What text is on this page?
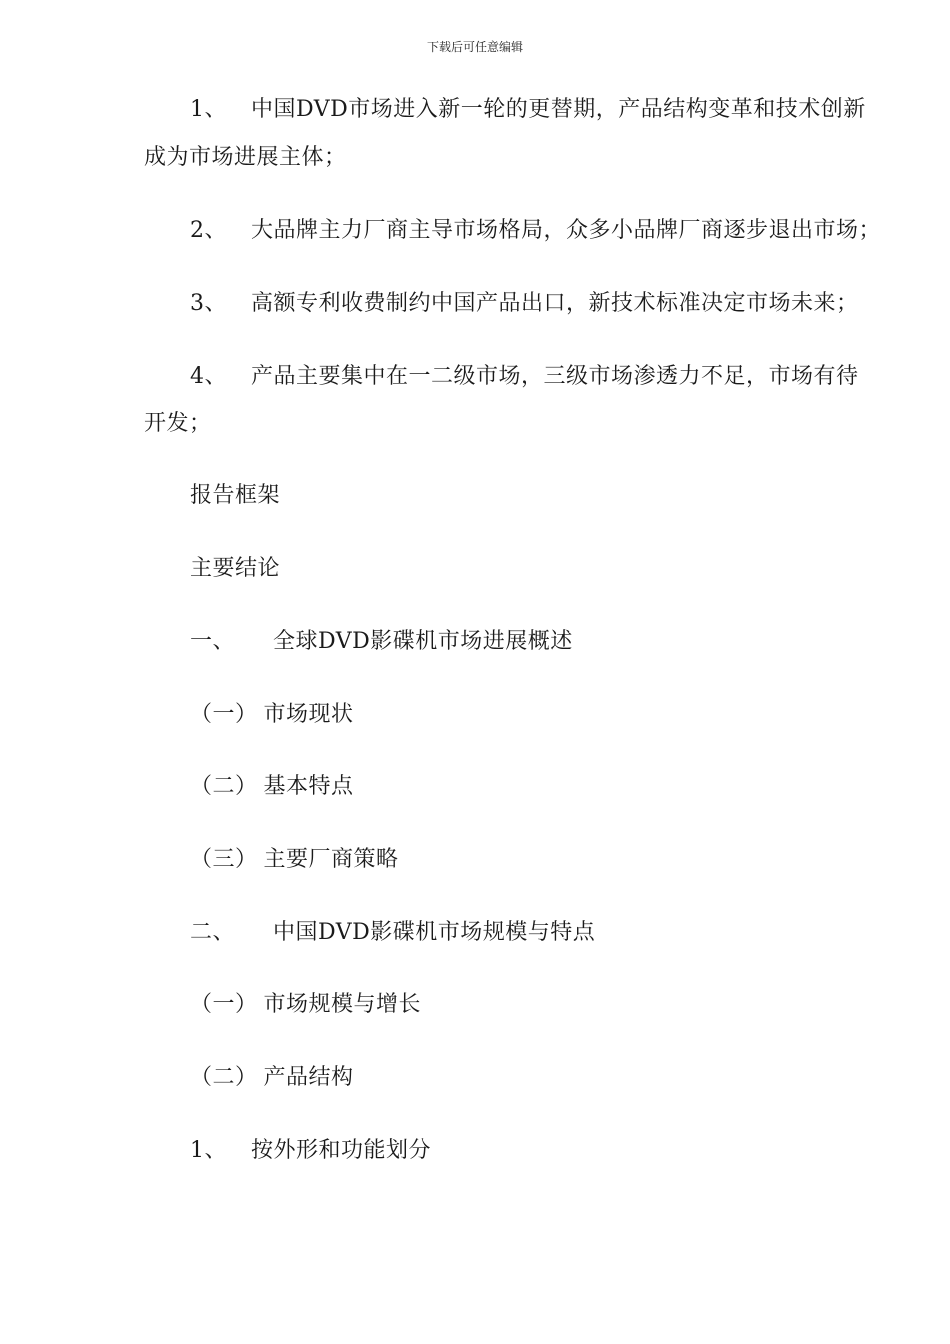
下载后可任意编辑
1、 中国DVD市场进入新一轮的更替期，产品结构变革和技术创新
成为市场进展主体；
2、 大品牌主力厂商主导市场格局，众多小品牌厂商逐步退出市场；
3、 高额专利收费制约中国产品出口，新技术标准决定市场未来；
4、 产品主要集中在一二级市场，三级市场渗透力不足，市场有待
开发；
报告框架
主要结论
一、 全球DVD影碟机市场进展概述
（一） 市场现状
（二） 基本特点
（三） 主要厂商策略
二、 中国DVD影碟机市场规模与特点
（一） 市场规模与增长
（二） 产品结构
1、 按外形和功能划分
